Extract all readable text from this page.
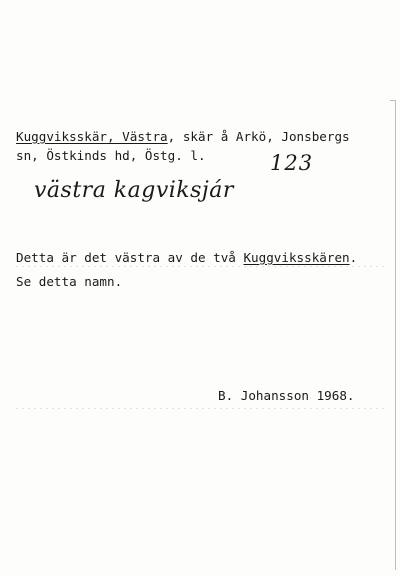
Kuggviksskär, Västra, skär å Arkö, Jonsbergs
sn, Östkinds hd, Östg. l.	123
västra kagviksjár
Detta är det västra av de två Kuggviksskären.
Se detta namn.
B. Johansson 1968.
